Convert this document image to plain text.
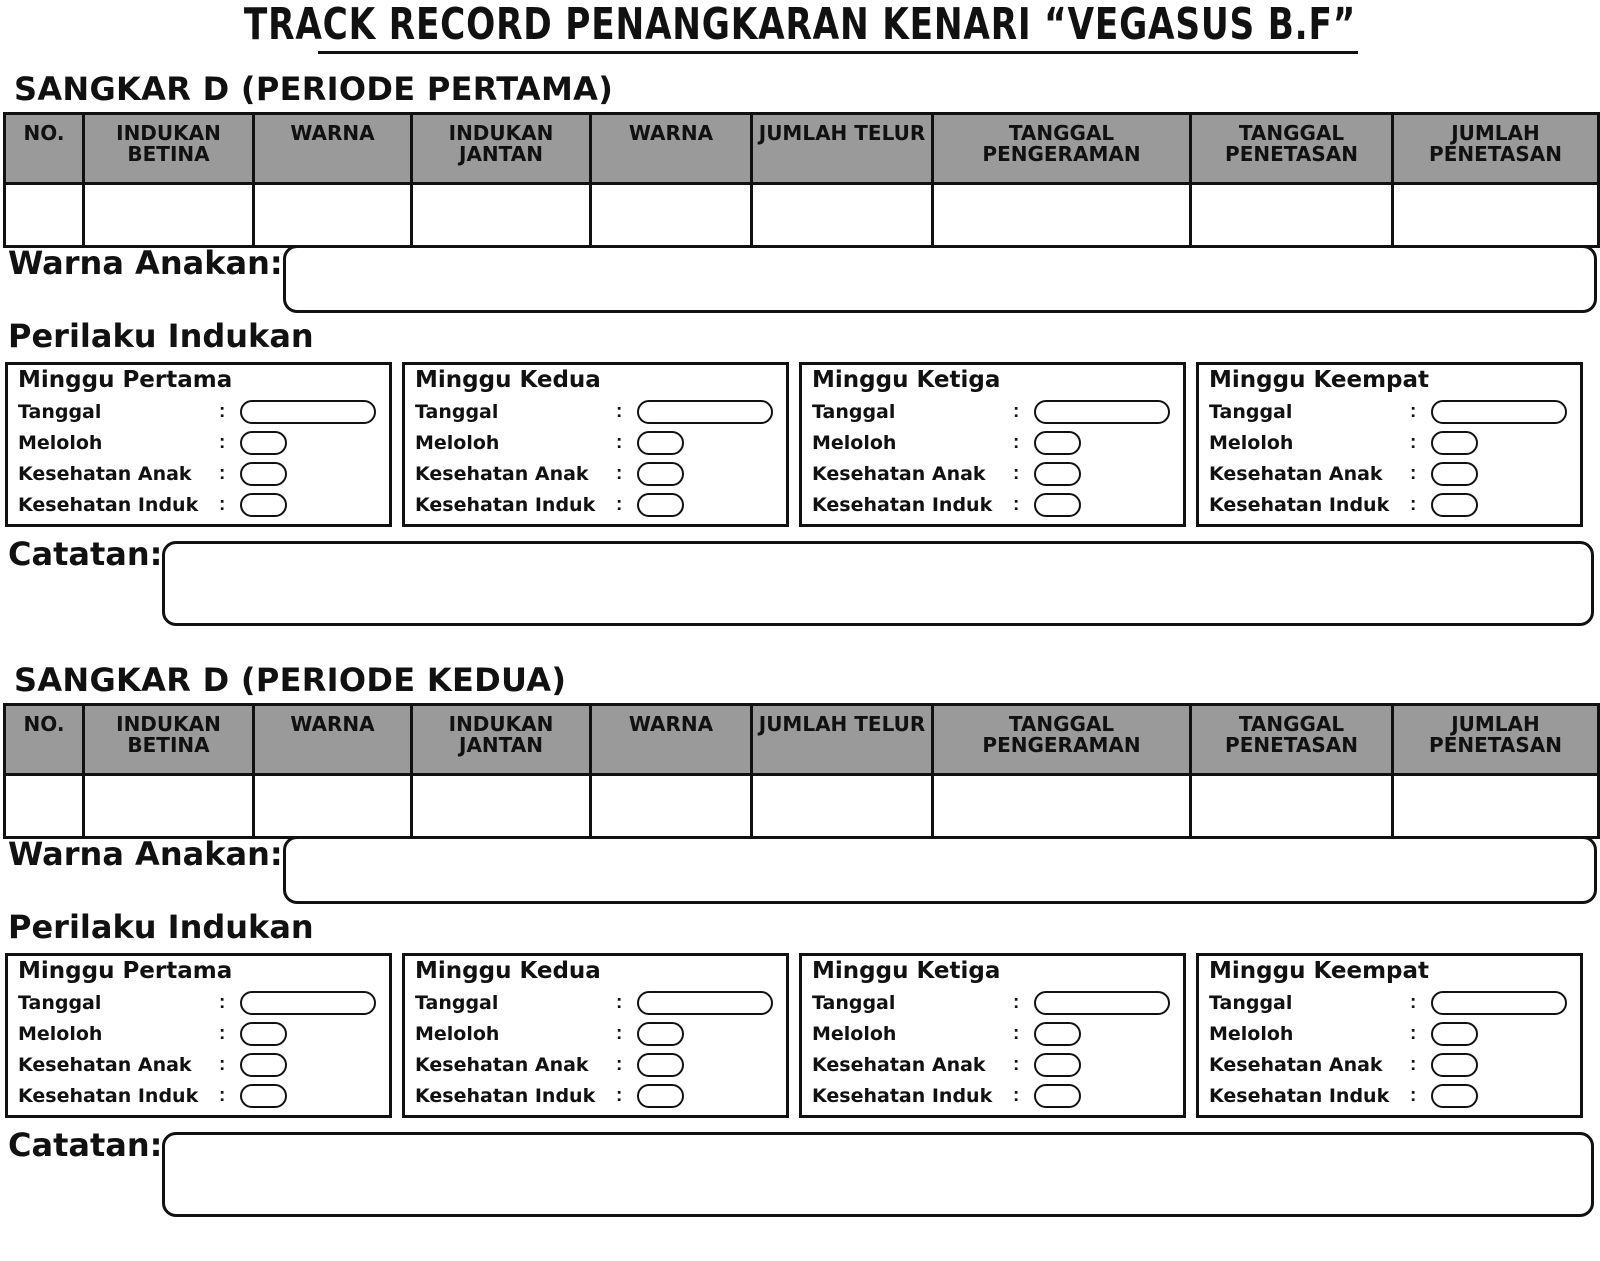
TRACK RECORD PENANGKARAN KENARI “VEGASUS B.F”
SANGKAR D (PERIODE PERTAMA)
NO.	INDUKAN BETINA	WARNA	INDUKAN JANTAN	WARNA	JUMLAH TELUR	TANGGAL PENGERAMAN	TANGGAL PENETASAN	JUMLAH PENETASAN

Warna Anakan:
Perilaku Indukan
Minggu Pertama
Tanggal	:
Meloloh	:
Kesehatan Anak :
Kesehatan Induk :
Minggu Kedua
Tanggal	:
Meloloh	:
Kesehatan Anak :
Kesehatan Induk :
Minggu Ketiga
Tanggal	:
Meloloh	:
Kesehatan Anak :
Kesehatan Induk :
Minggu Keempat
Tanggal	:
Meloloh	:
Kesehatan Anak :
Kesehatan Induk :
Catatan:
SANGKAR D (PERIODE KEDUA)
NO.	INDUKAN BETINA	WARNA	INDUKAN JANTAN	WARNA	JUMLAH TELUR	TANGGAL PENGERAMAN	TANGGAL PENETASAN	JUMLAH PENETASAN

Warna Anakan:
Perilaku Indukan
Minggu Pertama
Tanggal	:
Meloloh	:
Kesehatan Anak :
Kesehatan Induk :
Minggu Kedua
Tanggal	:
Meloloh	:
Kesehatan Anak :
Kesehatan Induk :
Minggu Ketiga
Tanggal	:
Meloloh	:
Kesehatan Anak :
Kesehatan Induk :
Minggu Keempat
Tanggal	:
Meloloh	:
Kesehatan Anak :
Kesehatan Induk :
Catatan:
